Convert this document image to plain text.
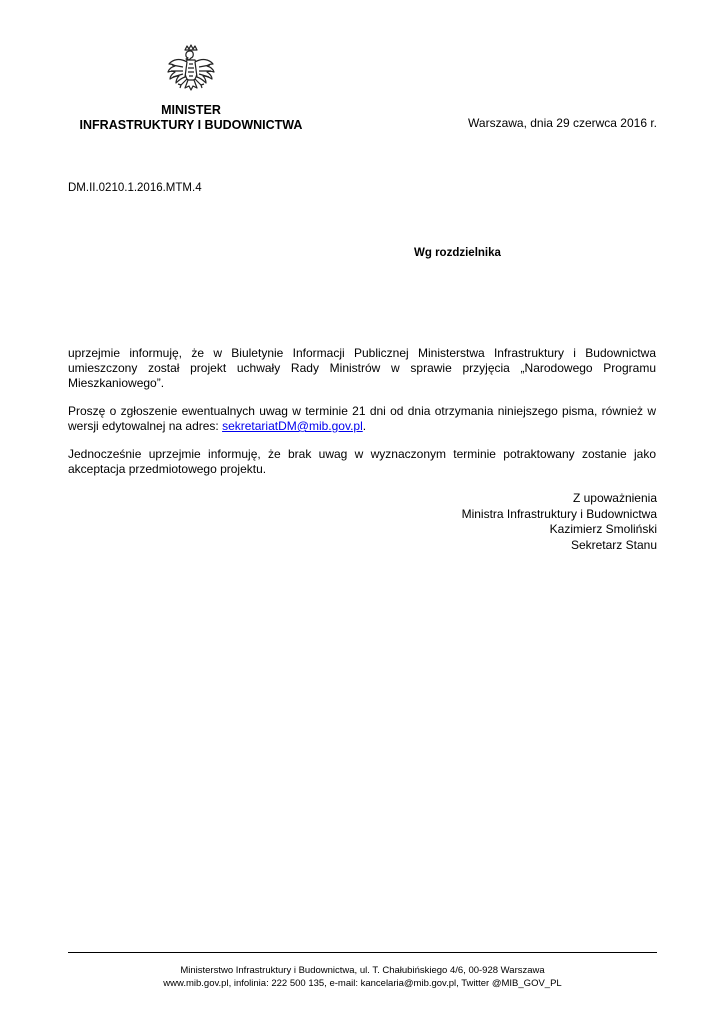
MINISTER
INFRASTRUKTURY I BUDOWNICTWA	Warszawa, dnia 29 czerwca 2016 r.
DM.II.0210.1.2016.MTM.4
Wg rozdzielnika

uprzejmie informuję, że w Biuletynie Informacji Publicznej Ministerstwa Infrastruktury i Budownictwa umieszczony został projekt uchwały Rady Ministrów w sprawie przyjęcia „Narodowego Programu Mieszkaniowego”.

Proszę o zgłoszenie ewentualnych uwag w terminie 21 dni od dnia otrzymania niniejszego pisma, również w wersji edytowalnej na adres: sekretariatDM@mib.gov.pl.

Jednocześnie uprzejmie informuję, że brak uwag w wyznaczonym terminie potraktowany zostanie jako akceptacja przedmiotowego projektu.

Z upoważnienia
Ministra Infrastruktury i Budownictwa
Kazimierz Smoliński
Sekretarz Stanu
Ministerstwo Infrastruktury i Budownictwa, ul. T. Chałubińskiego 4/6, 00-928 Warszawa
www.mib.gov.pl, infolinia: 222 500 135, e-mail: kancelaria@mib.gov.pl, Twitter @MIB_GOV_PL
